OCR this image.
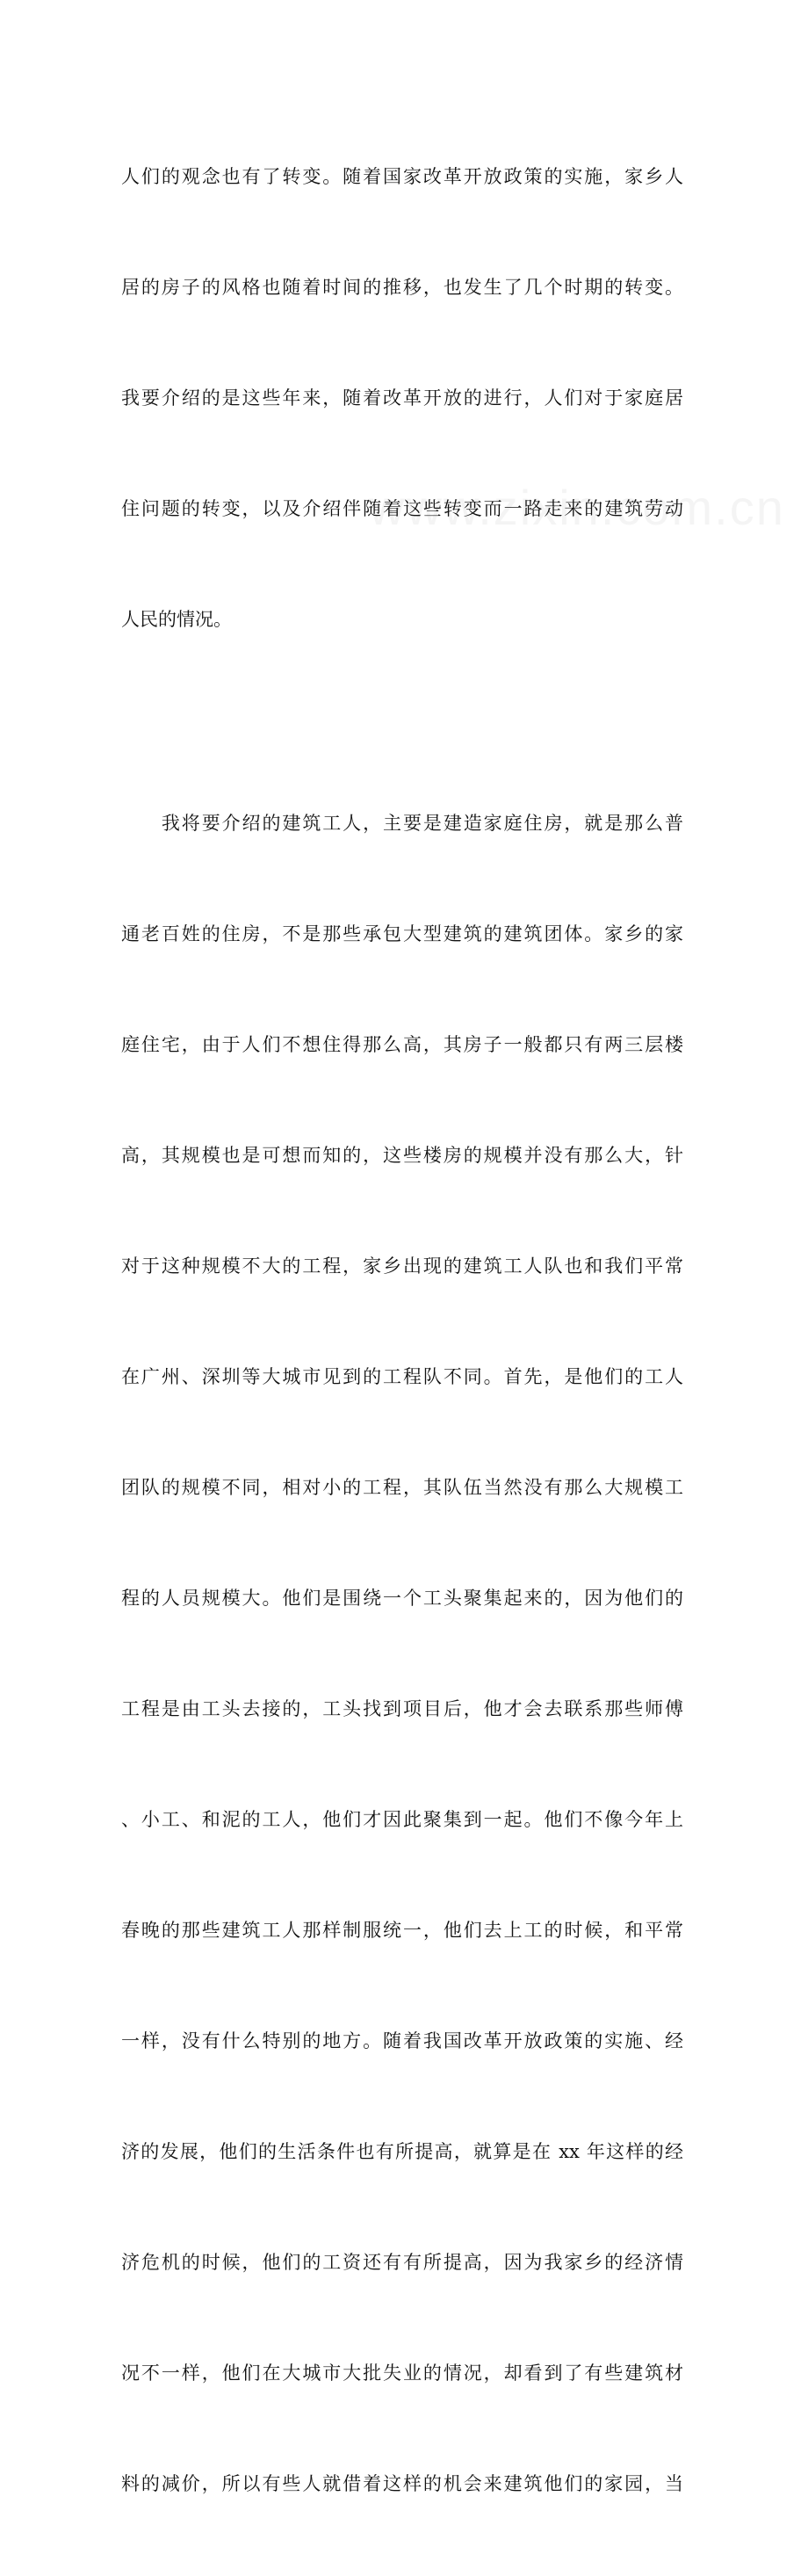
人们的观念也有了转变。随着国家改革开放政策的实施，家乡人

居的房子的风格也随着时间的推移，也发生了几个时期的转变。

我要介绍的是这些年来，随着改革开放的进行，人们对于家庭居

住问题的转变，以及介绍伴随着这些转变而一路走来的建筑劳动

人民的情况。

　　我将要介绍的建筑工人，主要是建造家庭住房，就是那么普

通老百姓的住房，不是那些承包大型建筑的建筑团体。家乡的家

庭住宅，由于人们不想住得那么高，其房子一般都只有两三层楼

高，其规模也是可想而知的，这些楼房的规模并没有那么大，针

对于这种规模不大的工程，家乡出现的建筑工人队也和我们平常

在广州、深圳等大城市见到的工程队不同。首先，是他们的工人

团队的规模不同，相对小的工程，其队伍当然没有那么大规模工

程的人员规模大。他们是围绕一个工头聚集起来的，因为他们的

工程是由工头去接的，工头找到项目后，他才会去联系那些师傅

、小工、和泥的工人，他们才因此聚集到一起。他们不像今年上

春晚的那些建筑工人那样制服统一，他们去上工的时候，和平常

一样，没有什么特别的地方。随着我国改革开放政策的实施、经

济的发展，他们的生活条件也有所提高，就算是在 xx 年这样的经

济危机的时候，他们的工资还有有所提高，因为我家乡的经济情

况不一样，他们在大城市大批失业的情况，却看到了有些建筑材

料的减价，所以有些人就借着这样的机会来建筑他们的家园，当
